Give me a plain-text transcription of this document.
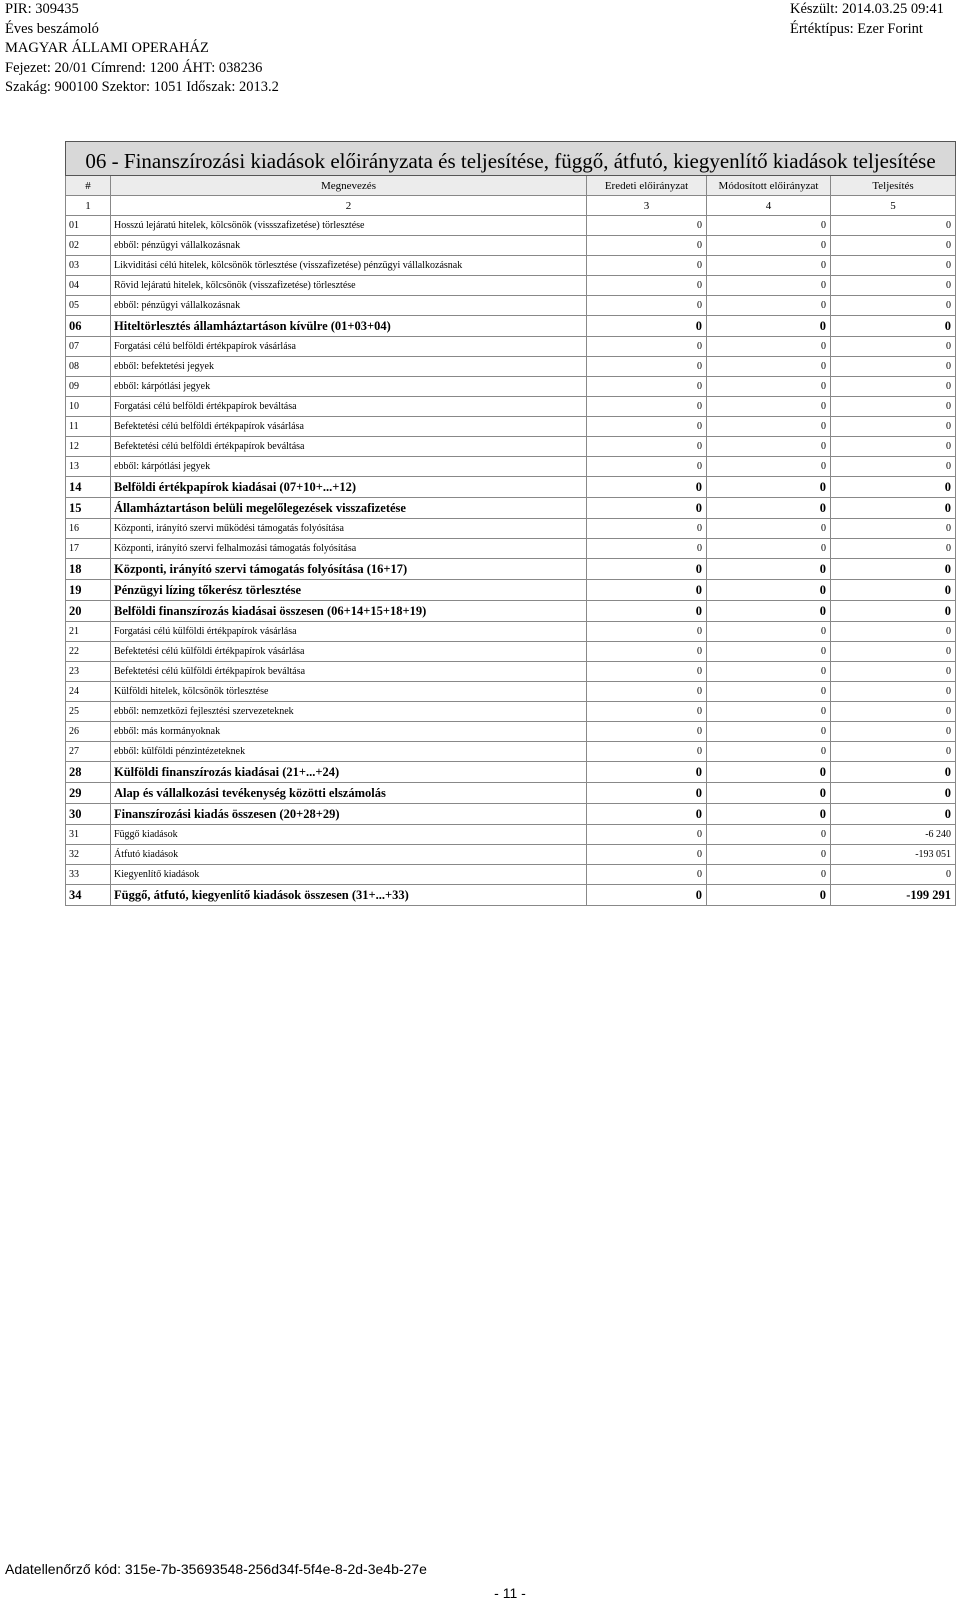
PIR: 309435
Éves beszámoló
MAGYAR ÁLLAMI OPERAHÁZ
Fejezet: 20/01 Címrend: 1200 ÁHT: 038236
Szakág: 900100 Szektor: 1051 Időszak: 2013.2
Készült: 2014.03.25 09:41
Értéktípus: Ezer Forint
06 - Finanszírozási kiadások előirányzata és teljesítése, függő, átfutó, kiegyenlítő kiadások teljesítése				
#	Megnevezés	Eredeti előirányzat	Módosított előirányzat	Teljesítés
1	2	3	4	5
01	Hosszú lejáratú hitelek, kölcsönök (vissszafizetése) törlesztése	0	0	0
02	ebből: pénzügyi vállalkozásnak	0	0	0
03	Likviditási célú hitelek, kölcsönök törlesztése (visszafizetése) pénzügyi vállalkozásnak	0	0	0
04	Rövid lejáratú hitelek, kölcsönök (visszafizetése) törlesztése	0	0	0
05	ebből: pénzügyi vállalkozásnak	0	0	0
06	Hiteltörlesztés államháztartáson kívülre (01+03+04)	0	0	0
07	Forgatási célú belföldi értékpapírok vásárlása	0	0	0
08	ebből: befektetési jegyek	0	0	0
09	ebből: kárpótlási jegyek	0	0	0
10	Forgatási célú belföldi értékpapírok beváltása	0	0	0
11	Befektetési célú belföldi értékpapírok vásárlása	0	0	0
12	Befektetési célú belföldi értékpapírok beváltása	0	0	0
13	ebből: kárpótlási jegyek	0	0	0
14	Belföldi értékpapírok kiadásai (07+10+...+12)	0	0	0
15	Államháztartáson belüli megelőlegezések visszafizetése	0	0	0
16	Központi, irányító szervi működési támogatás folyósítása	0	0	0
17	Központi, irányító szervi felhalmozási támogatás folyósítása	0	0	0
18	Központi, irányító szervi támogatás folyósítása (16+17)	0	0	0
19	Pénzügyi lízing tőkerész törlesztése	0	0	0
20	Belföldi finanszírozás kiadásai összesen (06+14+15+18+19)	0	0	0
21	Forgatási célú külföldi értékpapírok vásárlása	0	0	0
22	Befektetési célú külföldi értékpapírok vásárlása	0	0	0
23	Befektetési célú külföldi értékpapírok beváltása	0	0	0
24	Külföldi hitelek, kölcsönök törlesztése	0	0	0
25	ebből: nemzetközi fejlesztési szervezeteknek	0	0	0
26	ebből: más kormányoknak	0	0	0
27	ebből: külföldi pénzintézeteknek	0	0	0
28	Külföldi finanszírozás kiadásai (21+...+24)	0	0	0
29	Alap és vállalkozási tevékenység közötti elszámolás	0	0	0
30	Finanszírozási kiadás összesen (20+28+29)	0	0	0
31	Függő kiadások	0	0	-6 240
32	Átfutó kiadások	0	0	-193 051
33	Kiegyenlítő kiadások	0	0	0
34	Függő, átfutó, kiegyenlítő kiadások összesen (31+...+33)	0	0	-199 291
Adatellenőrző kód: 315e-7b-35693548-256d34f-5f4e-8-2d-3e4b-27e
- 11 -
